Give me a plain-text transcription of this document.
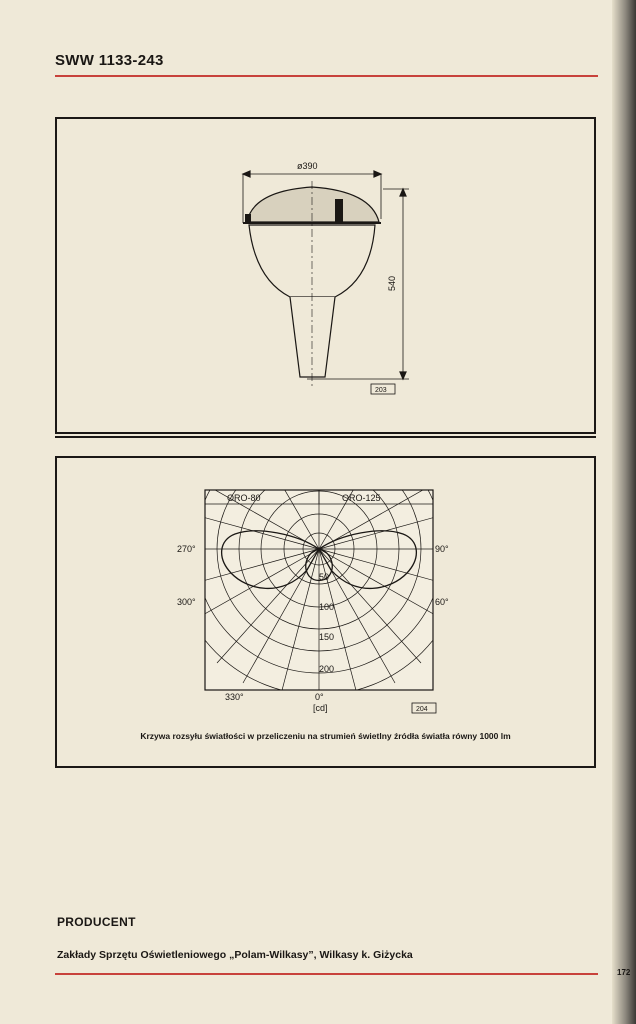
SWW 1133-243
ø390
540
203
ORO-80	ORO-125
270°	90°
300°	60°
330°	0°
[cd]
50
100
150
200
204
Krzywa rozsyłu światłości w przeliczeniu na strumień świetlny źródła światła równy 1000 lm
PRODUCENT
Zakłady Sprzętu Oświetleniowego „Polam-Wilkasy”, Wilkasy k. Giżycka
172
